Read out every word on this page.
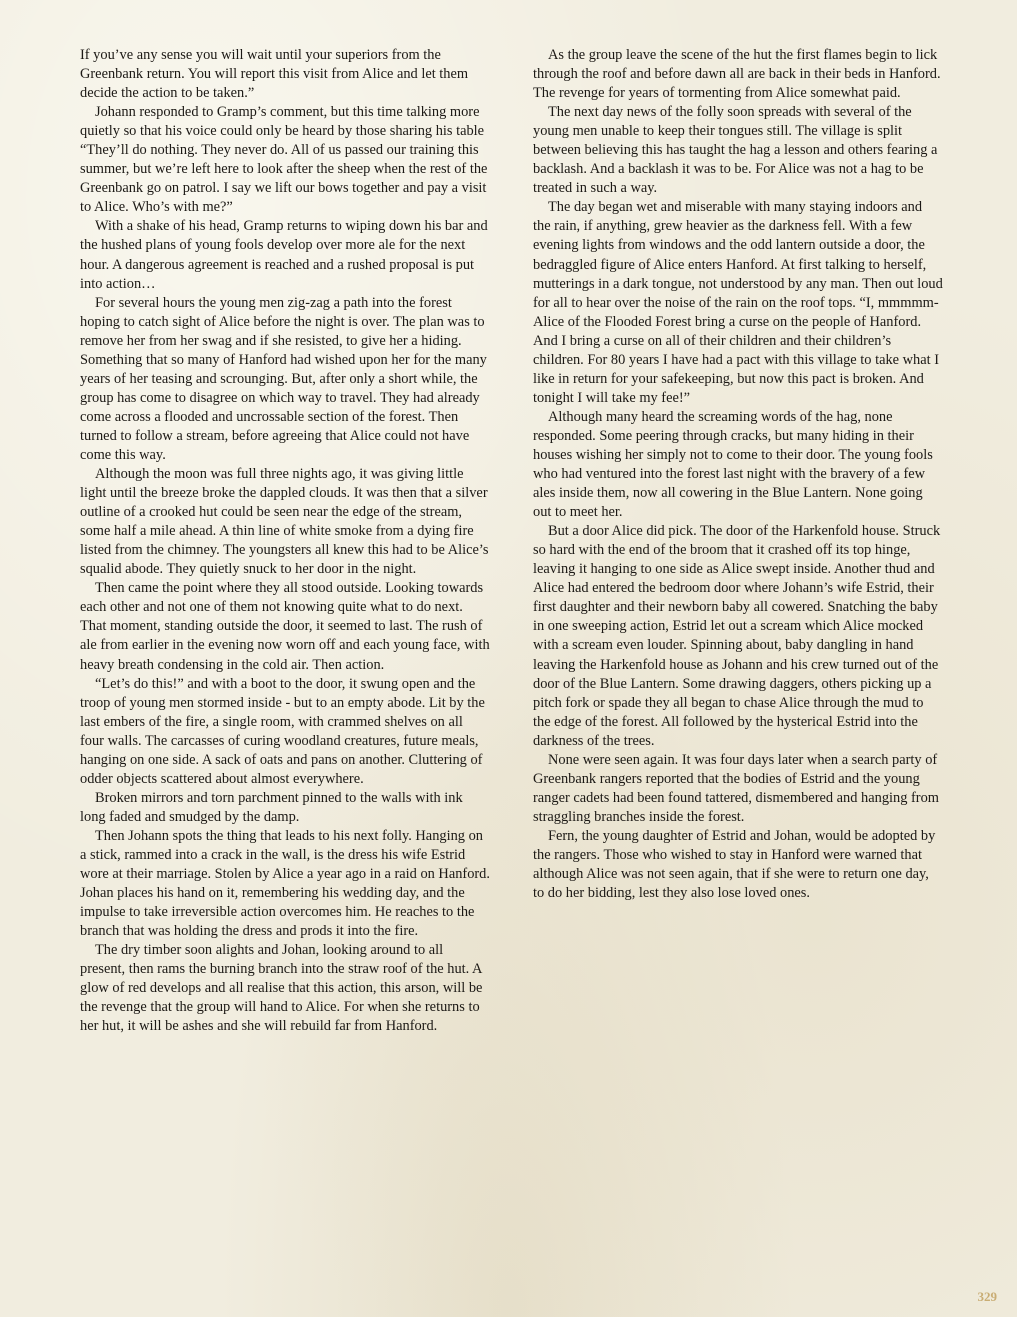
If you’ve any sense you will wait until your superiors from the Greenbank return. You will report this visit from Alice and let them decide the action to be taken.”

Johann responded to Gramp’s comment, but this time talking more quietly so that his voice could only be heard by those sharing his table “They’ll do nothing. They never do. All of us passed our training this summer, but we’re left here to look after the sheep when the rest of the Greenbank go on patrol. I say we lift our bows together and pay a visit to Alice. Who’s with me?”

With a shake of his head, Gramp returns to wiping down his bar and the hushed plans of young fools develop over more ale for the next hour. A dangerous agreement is reached and a rushed proposal is put into action…

For several hours the young men zig-zag a path into the forest hoping to catch sight of Alice before the night is over. The plan was to remove her from her swag and if she resisted, to give her a hiding. Something that so many of Hanford had wished upon her for the many years of her teasing and scrounging. But, after only a short while, the group has come to disagree on which way to travel. They had already come across a flooded and uncrossable section of the forest. Then turned to follow a stream, before agreeing that Alice could not have come this way.

Although the moon was full three nights ago, it was giving little light until the breeze broke the dappled clouds. It was then that a silver outline of a crooked hut could be seen near the edge of the stream, some half a mile ahead. A thin line of white smoke from a dying fire listed from the chimney. The youngsters all knew this had to be Alice’s squalid abode. They quietly snuck to her door in the night.

Then came the point where they all stood outside. Looking towards each other and not one of them not knowing quite what to do next. That moment, standing outside the door, it seemed to last. The rush of ale from earlier in the evening now worn off and each young face, with heavy breath condensing in the cold air. Then action.

“Let’s do this!” and with a boot to the door, it swung open and the troop of young men stormed inside - but to an empty abode. Lit by the last embers of the fire, a single room, with crammed shelves on all four walls. The carcasses of curing woodland creatures, future meals, hanging on one side. A sack of oats and pans on another. Cluttering of odder objects scattered about almost everywhere.

Broken mirrors and torn parchment pinned to the walls with ink long faded and smudged by the damp.

Then Johann spots the thing that leads to his next folly. Hanging on a stick, rammed into a crack in the wall, is the dress his wife Estrid wore at their marriage. Stolen by Alice a year ago in a raid on Hanford. Johan places his hand on it, remembering his wedding day, and the impulse to take irreversible action overcomes him. He reaches to the branch that was holding the dress and prods it into the fire.

The dry timber soon alights and Johan, looking around to all present, then rams the burning branch into the straw roof of the hut. A glow of red develops and all realise that this action, this arson, will be the revenge that the group will hand to Alice. For when she returns to her hut, it will be ashes and she will rebuild far from Hanford.

As the group leave the scene of the hut the first flames begin to lick through the roof and before dawn all are back in their beds in Hanford. The revenge for years of tormenting from Alice somewhat paid.

The next day news of the folly soon spreads with several of the young men unable to keep their tongues still. The village is split between believing this has taught the hag a lesson and others fearing a backlash. And a backlash it was to be. For Alice was not a hag to be treated in such a way.

The day began wet and miserable with many staying indoors and the rain, if anything, grew heavier as the darkness fell. With a few evening lights from windows and the odd lantern outside a door, the bedraggled figure of Alice enters Hanford. At first talking to herself, mutterings in a dark tongue, not understood by any man. Then out loud for all to hear over the noise of the rain on the roof tops. “I, mmmmm-Alice of the Flooded Forest bring a curse on the people of Hanford. And I bring a curse on all of their children and their children’s children. For 80 years I have had a pact with this village to take what I like in return for your safekeeping, but now this pact is broken. And tonight I will take my fee!”

Although many heard the screaming words of the hag, none responded. Some peering through cracks, but many hiding in their houses wishing her simply not to come to their door. The young fools who had ventured into the forest last night with the bravery of a few ales inside them, now all cowering in the Blue Lantern. None going out to meet her.

But a door Alice did pick. The door of the Harkenfold house. Struck so hard with the end of the broom that it crashed off its top hinge, leaving it hanging to one side as Alice swept inside. Another thud and Alice had entered the bedroom door where Johann’s wife Estrid, their first daughter and their newborn baby all cowered. Snatching the baby in one sweeping action, Estrid let out a scream which Alice mocked with a scream even louder. Spinning about, baby dangling in hand leaving the Harkenfold house as Johann and his crew turned out of the door of the Blue Lantern. Some drawing daggers, others picking up a pitch fork or spade they all began to chase Alice through the mud to the edge of the forest. All followed by the hysterical Estrid into the darkness of the trees.

None were seen again. It was four days later when a search party of Greenbank rangers reported that the bodies of Estrid and the young ranger cadets had been found tattered, dismembered and hanging from straggling branches inside the forest.

Fern, the young daughter of Estrid and Johan, would be adopted by the rangers. Those who wished to stay in Hanford were warned that although Alice was not seen again, that if she were to return one day, to do her bidding, lest they also lose loved ones.

329
